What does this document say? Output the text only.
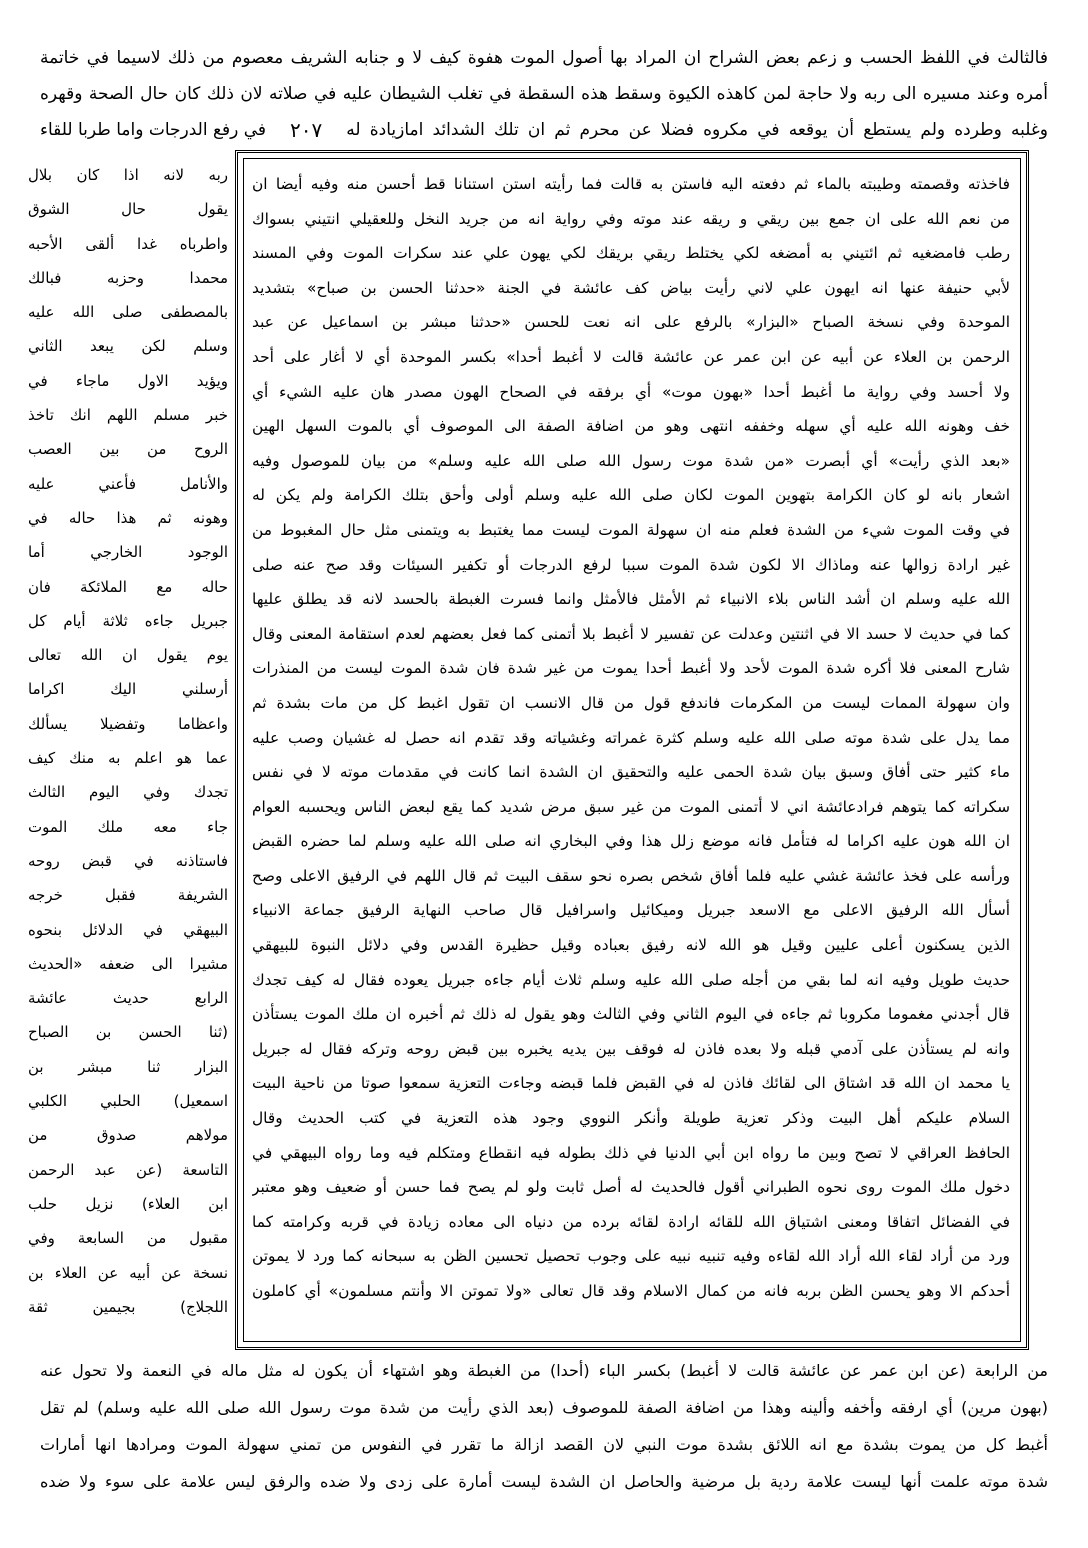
فالثالث في اللفظ الحسب و زعم بعض الشراح ان المراد بها أصول الموت هفوة كيف لا و جنابه الشريف معصوم من ذلك لاسيما في خاتمة

أمره وعند مسيره الى ربه ولا حاجة لمن كاهذه الكيوة وسقط هذه السقطة في تغلب الشيطان عليه في صلاته لان ذلك كان حال الصحة وقهره

وغلبه وطرده ولم يستطع أن يوقعه في مكروه فضلا عن محرم ثم ان تلك الشدائد امازيادة له
٢٠٧
في رفع الدرجات واما طربا للقاء

فاخذته وقصمته وطيبته بالماء ثم دفعته اليه فاستن به قالت فما رأيته استن استنانا قط أحسن منه وفيه أيضا ان

من نعم الله على ان جمع بين ريقي و ريقه عند موته وفي رواية انه من جريد النخل وللعقيلي انتيني بسواك

رطب فامضغيه ثم ائتيني به أمضغه لكي يختلط ريقي بريقك لكي يهون علي عند سكرات الموت وفي المسند

لأبي حنيفة عنها انه ايهون علي لاني رأيت بياض كف عائشة في الجنة «حدثنا الحسن بن صباح» بتشديد

الموحدة وفي نسخة الصباح «البزار» بالرفع على انه نعت للحسن «حدثنا مبشر بن اسماعيل عن عبد

الرحمن بن العلاء عن أبيه عن ابن عمر عن عائشة قالت لا أغبط أحدا» بكسر الموحدة أي لا أغار على أحد

ولا أحسد وفي رواية ما أغبط أحدا «بهون موت» أي برفقه في الصحاح الهون مصدر هان عليه الشيء أي

خف وهونه الله عليه أي سهله وخففه انتهى وهو من اضافة الصفة الى الموصوف أي بالموت السهل الهين

«بعد الذي رأيت» أي أبصرت «من شدة موت رسول الله صلى الله عليه وسلم» من بيان للموصول وفيه

اشعار بانه لو كان الكرامة بتهوين الموت لكان صلى الله عليه وسلم أولى وأحق بتلك الكرامة ولم يكن له

في وقت الموت شيء من الشدة فعلم منه ان سهولة الموت ليست مما يغتبط به ويتمنى مثل حال المغبوط من

غير ارادة زوالها عنه وماذاك الا لكون شدة الموت سببا لرفع الدرجات أو تكفير السيئات وقد صح عنه صلى

الله عليه وسلم ان أشد الناس بلاء الانبياء ثم الأمثل فالأمثل وانما فسرت الغبطة بالحسد لانه قد يطلق عليها

كما في حديث لا حسد الا في اثنتين وعدلت عن تفسير لا أغبط بلا أتمنى كما فعل بعضهم لعدم استقامة المعنى وقال

شارح المعنى فلا أكره شدة الموت لأحد ولا أغبط أحدا يموت من غير شدة فان شدة الموت ليست من المنذرات

وان سهولة الممات ليست من المكرمات فاندفع قول من قال الانسب ان تقول اغبط كل من مات بشدة ثم

مما يدل على شدة موته صلى الله عليه وسلم كثرة غمراته وغشياته وقد تقدم انه حصل له غشيان وصب عليه

ماء كثير حتى أفاق وسبق بيان شدة الحمى عليه والتحقيق ان الشدة انما كانت في مقدمات موته لا في نفس

سكراته كما يتوهم فرادعائشة اني لا أتمنى الموت من غير سبق مرض شديد كما يقع لبعض الناس ويحسبه العوام

ان الله هون عليه اكراما له فتأمل فانه موضع زلل هذا وفي البخاري انه صلى الله عليه وسلم لما حضره القبض

ورأسه على فخذ عائشة غشي عليه فلما أفاق شخص بصره نحو سقف البيت ثم قال اللهم في الرفيق الاعلى وصح

أسأل الله الرفيق الاعلى مع الاسعد جبريل وميكائيل واسرافيل قال صاحب النهاية الرفيق جماعة الانبياء

الذين يسكنون أعلى عليين وقيل هو الله لانه رفيق بعباده وقيل حظيرة القدس وفي دلائل النبوة للبيهقي

حديث طويل وفيه انه لما بقي من أجله صلى الله عليه وسلم ثلاث أيام جاءه جبريل يعوده فقال له كيف تجدك

قال أجدني مغموما مكروبا ثم جاءه في اليوم الثاني وفي الثالث وهو يقول له ذلك ثم أخبره ان ملك الموت يستأذن

وانه لم يستأذن على آدمي قبله ولا بعده فاذن له فوقف بين يديه يخبره بين قبض روحه وتركه فقال له جبريل

يا محمد ان الله قد اشتاق الى لقائك فاذن له في القبض فلما قبضه وجاءت التعزية سمعوا صوتا من ناحية البيت

السلام عليكم أهل البيت وذكر تعزية طويلة وأنكر النووي وجود هذه التعزية في كتب الحديث وقال

الحافظ العراقي لا تصح وبين ما رواه ابن أبي الدنيا في ذلك بطوله فيه انقطاع ومتكلم فيه وما رواه البيهقي في

دخول ملك الموت روى نحوه الطبراني أقول فالحديث له أصل ثابت ولو لم يصح فما حسن أو ضعيف وهو معتبر

في الفضائل اتفاقا ومعنى اشتياق الله للقائه ارادة لقائه برده من دنياه الى معاده زيادة في قربه وكرامته كما

ورد من أراد لقاء الله أراد الله لقاءه وفيه تنبيه نبيه على وجوب تحصيل تحسين الظن به سبحانه كما ورد لا يموتن

أحدكم الا وهو يحسن الظن بربه فانه من كمال الاسلام وقد قال تعالى «ولا تموتن الا وأنتم مسلمون» أي كاملون

ربه لانه اذا كان بلال

يقول حال الشوق

واطرباه غدا ألقى الأحبه

محمدا وحزبه فبالك

بالمصطفى صلى الله عليه

وسلم لكن يبعد الثاني

ويؤيد الاول ماجاء في

خبر مسلم اللهم انك تاخذ

الروح من بين العصب

والأنامل فأعني عليه

وهونه ثم هذا حاله في

الوجود الخارجي أما

حاله مع الملائكة فان

جبريل جاءه ثلاثة أيام كل

يوم يقول ان الله تعالى

أرسلني اليك اكراما

واعظاما وتفضيلا يسألك

عما هو اعلم به منك كيف

تجدك وفي اليوم الثالث

جاء معه ملك الموت

فاستاذنه في قبض روحه

الشريفة فقبل خرجه

البيهقي في الدلائل بنحوه

مشيرا الى ضعفه «الحديث

الرابع حديث عائشة

(ثنا الحسن بن الصباح

البزار ثنا مبشر بن

اسمعيل) الحلبي الكلبي

مولاهم صدوق من

التاسعة (عن عبد الرحمن

ابن العلاء) نزيل حلب

مقبول من السابعة وفي

نسخة عن أبيه عن العلاء بن

اللجلاج) بجيمين ثقة

من الرابعة (عن ابن عمر عن عائشة قالت لا أغبط) بكسر الباء (أحدا) من الغبطة وهو اشتهاء أن يكون له مثل ماله في النعمة ولا تحول عنه

(بهون مرين) أي ارفقه وأخفه وألينه وهذا من اضافة الصفة للموصوف (بعد الذي رأيت من شدة موت رسول الله صلى الله عليه وسلم) لم تقل

أغبط كل من يموت بشدة مع انه اللائق بشدة موت النبي لان القصد ازالة ما تقرر في النفوس من تمني سهولة الموت ومرادها انها أمارات

شدة موته علمت أنها ليست علامة ردية بل مرضية والحاصل ان الشدة ليست أمارة على زدى ولا ضده والرفق ليس علامة على سوء ولا ضده
